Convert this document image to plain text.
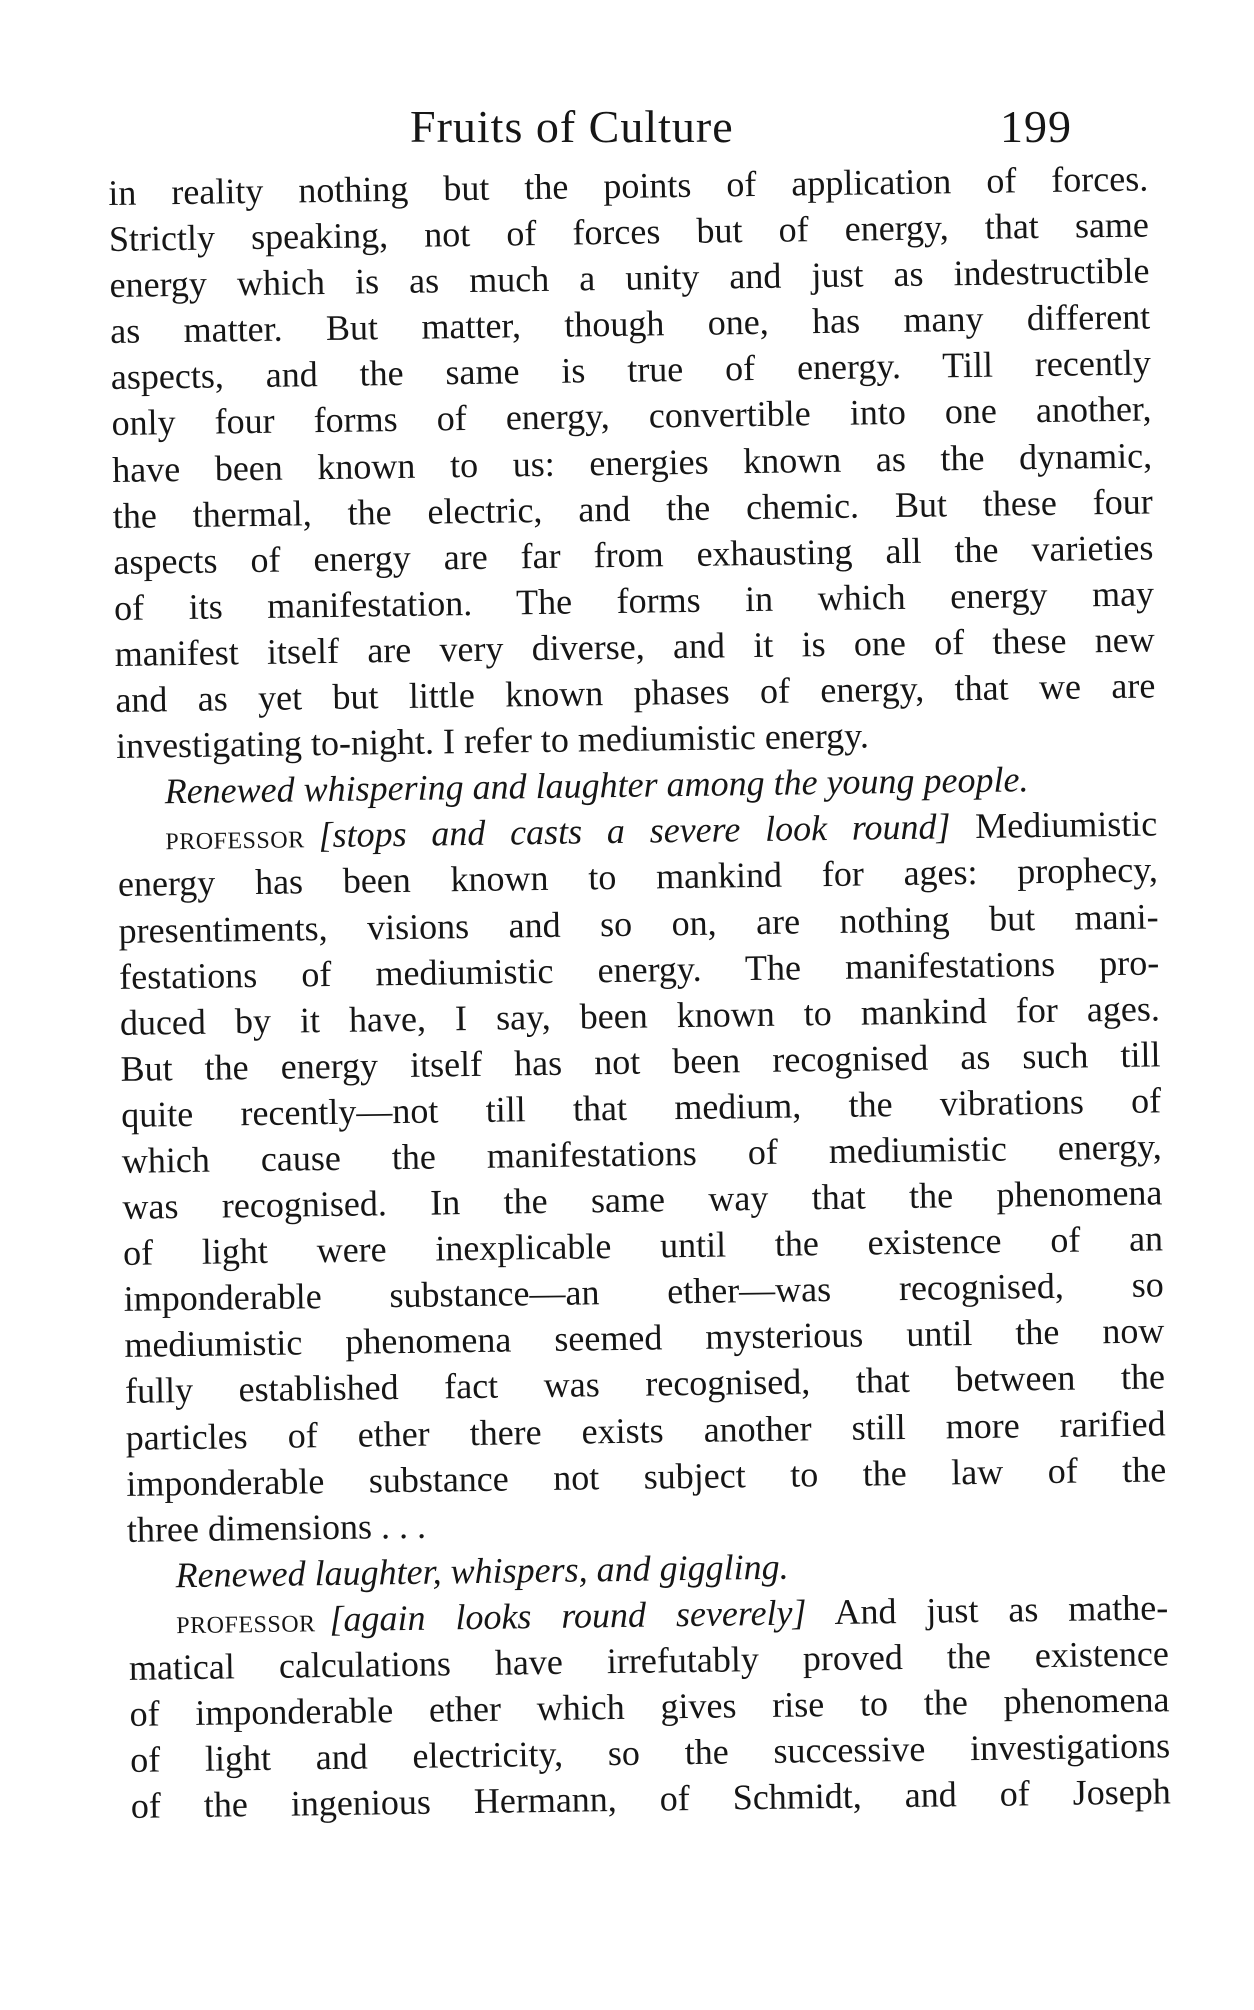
Fruits of Culture	199
in reality nothing but the points of application of forces.
Strictly speaking, not of forces but of energy, that same
energy which is as much a unity and just as indestructible
as matter. But matter, though one, has many different
aspects, and the same is true of energy. Till recently
only four forms of energy, convertible into one another,
have been known to us: energies known as the dynamic,
the thermal, the electric, and the chemic. But these four
aspects of energy are far from exhausting all the varieties
of its manifestation. The forms in which energy may
manifest itself are very diverse, and it is one of these new
and as yet but little known phases of energy, that we are
investigating to-night. I refer to mediumistic energy.
Renewed whispering and laughter among the young people.
professor [stops and casts a severe look round] Mediumistic
energy has been known to mankind for ages: prophecy,
presentiments, visions and so on, are nothing but mani-
festations of mediumistic energy. The manifestations pro-
duced by it have, I say, been known to mankind for ages.
But the energy itself has not been recognised as such till
quite recently—not till that medium, the vibrations of
which cause the manifestations of mediumistic energy,
was recognised. In the same way that the phenomena
of light were inexplicable until the existence of an
imponderable substance—an ether—was recognised, so
mediumistic phenomena seemed mysterious until the now
fully established fact was recognised, that between the
particles of ether there exists another still more rarified
imponderable substance not subject to the law of the
three dimensions . . .
Renewed laughter, whispers, and giggling.
professor [again looks round severely] And just as mathe-
matical calculations have irrefutably proved the existence
of imponderable ether which gives rise to the phenomena
of light and electricity, so the successive investigations
of the ingenious Hermann, of Schmidt, and of Joseph
